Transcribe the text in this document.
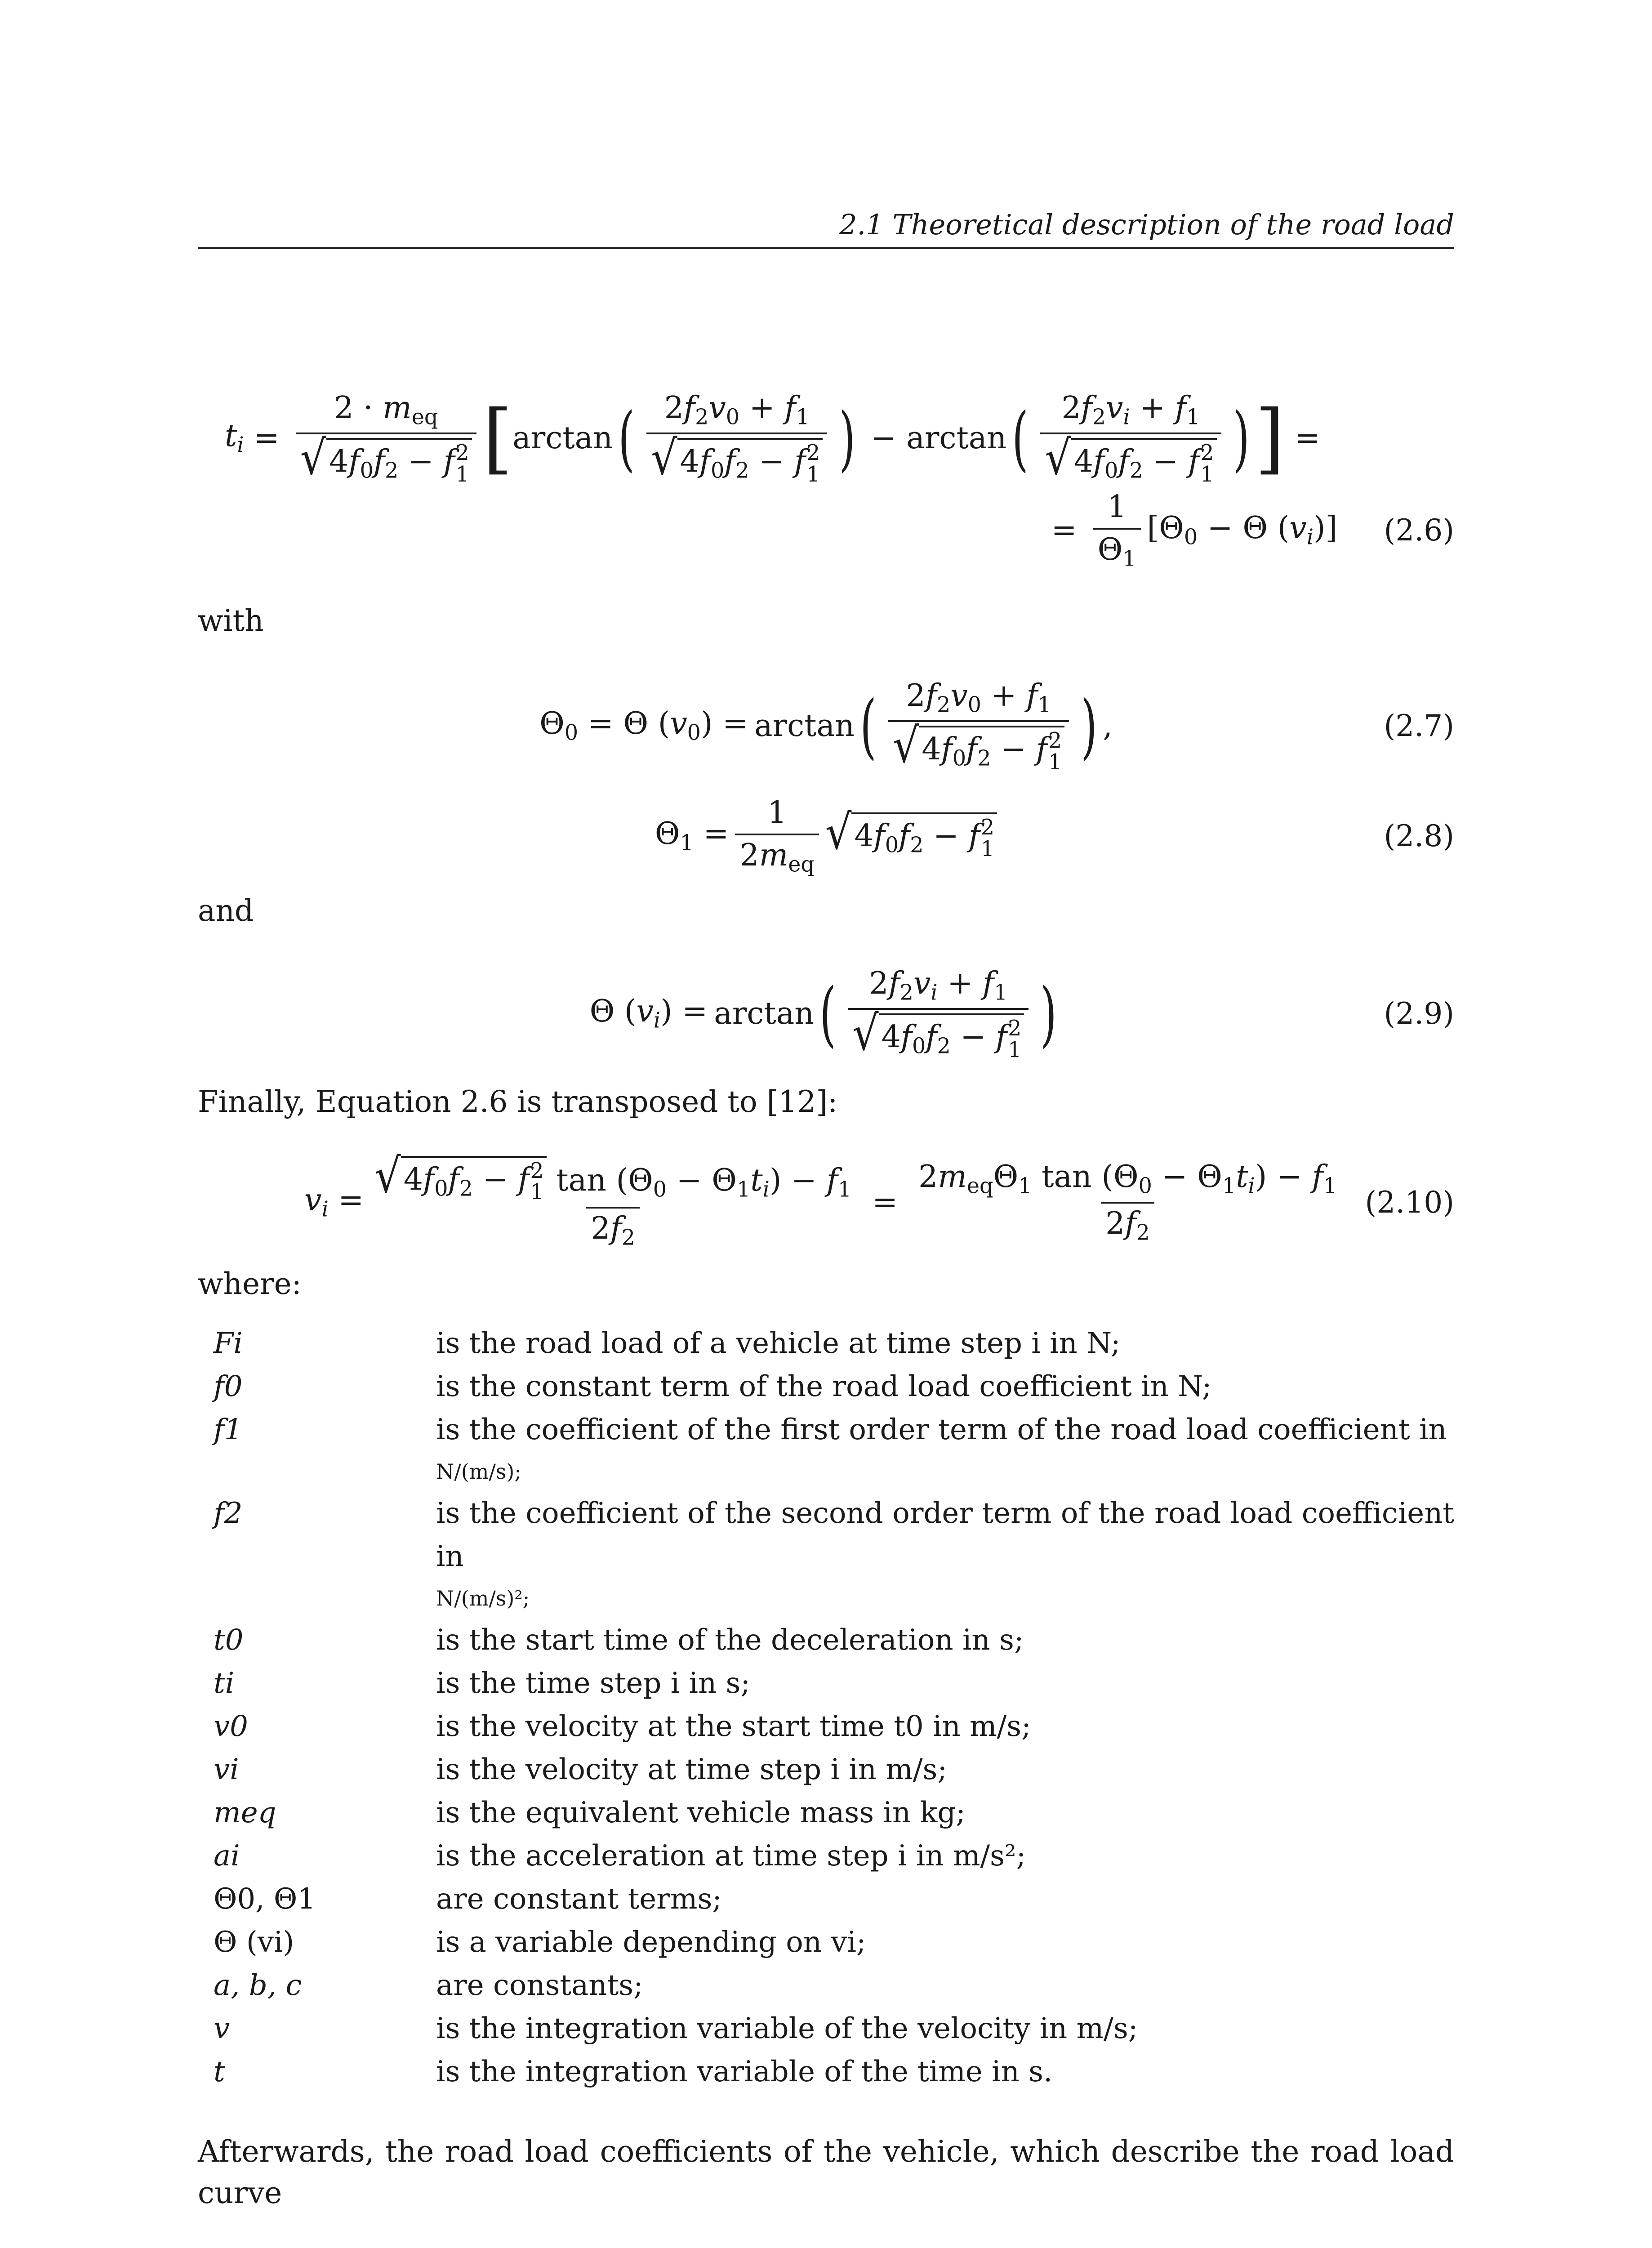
2.1 Theoretical description of the road load
$t_i = 2 \cdot m_{eq}$
√ $4f_0f_2 - f$ 2
1 [ arctan ( $2f_2v_0 + f_1$
√ $4f_0f_2 - f$ 2
1 ) − arctan ( $2f_2v_i + f_1$
√ $4f_0f_2 - f$ 2
1 ) ] =
= $\frac{1}{\Theta_1} [\Theta_0 - \Theta$ $(v_i)$] (2.6)
with
$\Theta_0 = \Theta$ $(v_0) = \arctan$ ( $2f_2v_0 + f_1$
√ $4f_0f_2 - f$ 2
1 ) ,	(2.7)
$\Theta_1 = \frac{1}{2m_{eq}}$ √ $4f_0f_2 - f$ 2
1	(2.8)
and
Θ $(v_i) = \arctan$ ( $2f_2v_i + f_1$
√ $4f_0f_2 - f$ 2
1 )	(2.9)
Finally, Equation 2.6 is transposed to [12]:
$v_i$ = √ $4f_0f_2 - f$ 2
1 $\tan (\Theta_0 - \Theta_1t_i) - f_1$
$2f_2 = \frac{2m_{eq}\Theta_1 \tan (\Theta_0 - \Theta_1t_i) - f_1}{2f_2} (2.10)$
where:
Fi	is the road load of a vehicle at time step i in N;
f0	is the constant term of the road load coefficient in N;
f1	is the coefficient of the first order term of the road load coefficient in
N/(m/s);
f2	is the coefficient of the second order term of the road load coefficient in
N/(m/s)²;
t0	is the start time of the deceleration in s;
ti	is the time step i in s;
v0	is the velocity at the start time t0 in m/s;
vi	is the velocity at time step i in m/s;
meq	is the equivalent vehicle mass in kg;
ai	is the acceleration at time step i in m/s²;
Θ0, Θ1	are constant terms;
Θ (vi)	is a variable depending on vi;
a, b, c	are constants;
v	is the integration variable of the velocity in m/s;
t	is the integration variable of the time in s.
Afterwards, the road load coefficients of the vehicle, which describe the road load curve
